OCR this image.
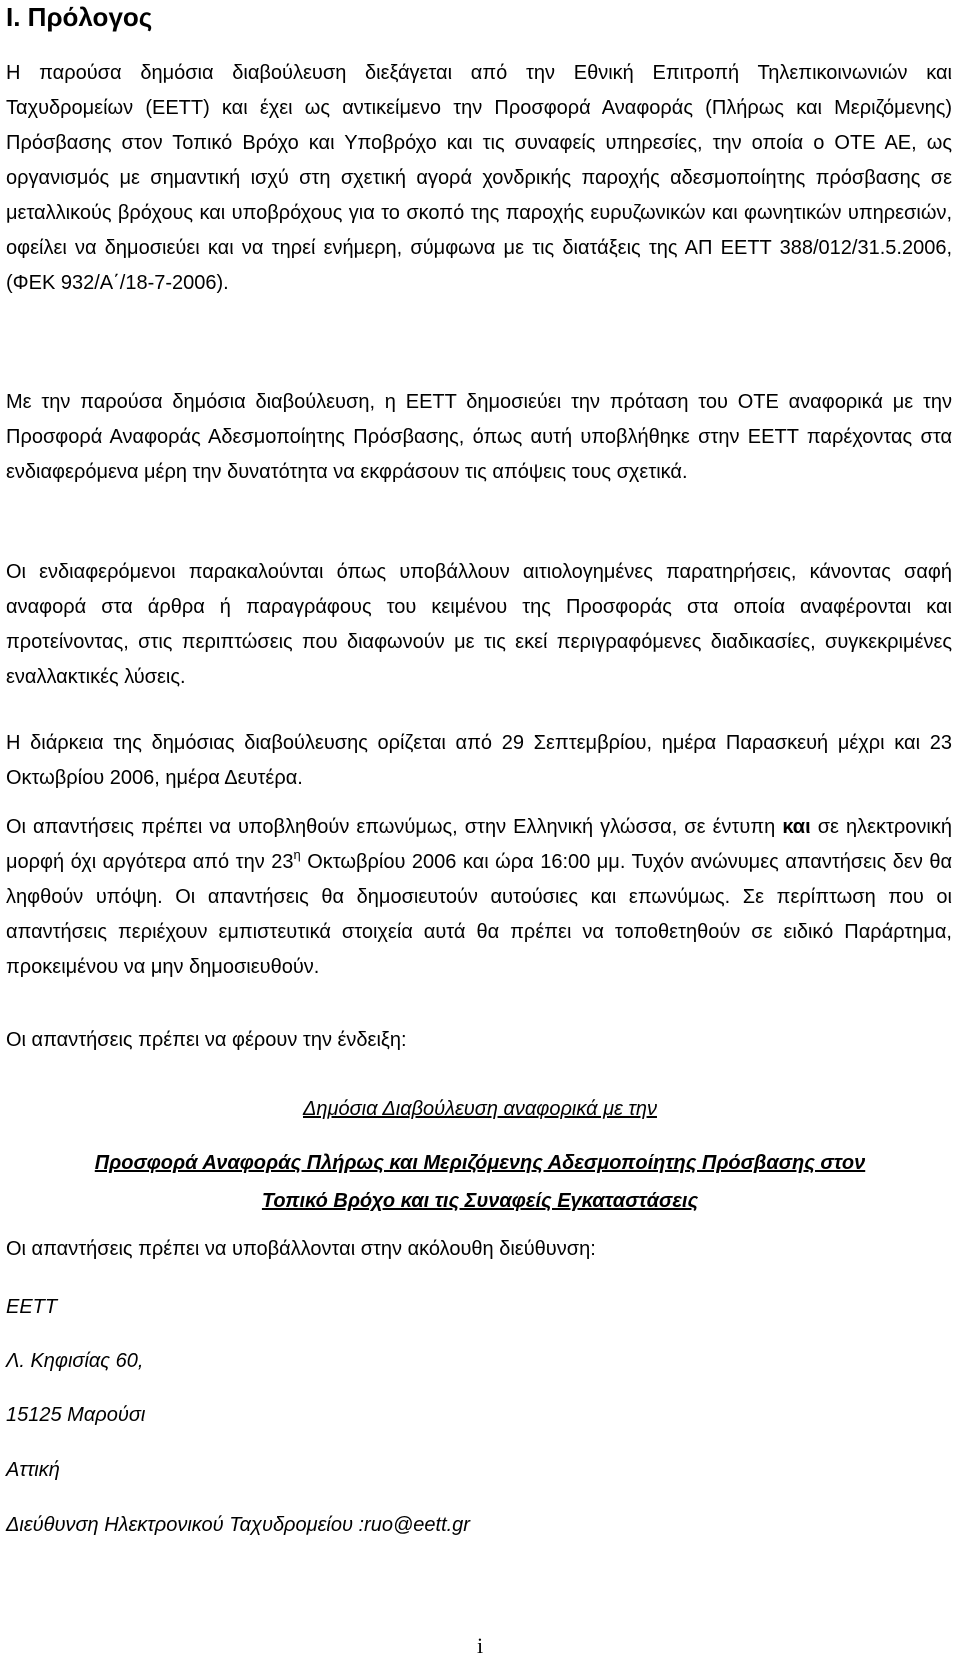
I. Πρόλογος

Η παρούσα δημόσια διαβούλευση διεξάγεται από την Εθνική Επιτροπή Τηλεπικοινωνιών και Ταχυδρομείων (ΕΕΤΤ) και έχει ως αντικείμενο την Προσφορά Αναφοράς (Πλήρως και Μεριζόμενης) Πρόσβασης στον Τοπικό Βρόχο και Υποβρόχο και τις συναφείς υπηρεσίες, την οποία ο ΟΤΕ ΑΕ, ως οργανισμός με σημαντική ισχύ στη σχετική αγορά χονδρικής παροχής αδεσμοποίητης πρόσβασης σε μεταλλικούς βρόχους και υποβρόχους για το σκοπό της παροχής ευρυζωνικών και φωνητικών υπηρεσιών, οφείλει να δημοσιεύει και να τηρεί ενήμερη, σύμφωνα με τις διατάξεις της ΑΠ ΕΕΤΤ 388/012/31.5.2006, (ΦΕΚ 932/Α΄/18-7-2006).

Με την παρούσα δημόσια διαβούλευση, η ΕΕΤΤ δημοσιεύει την πρόταση του ΟΤΕ αναφορικά με την Προσφορά Αναφοράς Αδεσμοποίητης Πρόσβασης, όπως αυτή υποβλήθηκε στην ΕΕΤΤ παρέχοντας στα ενδιαφερόμενα μέρη την δυνατότητα να εκφράσουν τις απόψεις τους σχετικά.

Οι ενδιαφερόμενοι παρακαλούνται όπως υποβάλλουν αιτιολογημένες παρατηρήσεις, κάνοντας σαφή αναφορά στα άρθρα ή παραγράφους του κειμένου της Προσφοράς στα οποία αναφέρονται και προτείνοντας, στις περιπτώσεις που διαφωνούν με τις εκεί περιγραφόμενες διαδικασίες, συγκεκριμένες εναλλακτικές λύσεις.

Η διάρκεια της δημόσιας διαβούλευσης ορίζεται από 29 Σεπτεμβρίου, ημέρα Παρασκευή μέχρι και 23 Οκτωβρίου 2006, ημέρα Δευτέρα.

Οι απαντήσεις πρέπει να υποβληθούν επωνύμως, στην Ελληνική γλώσσα, σε έντυπη και σε ηλεκτρονική μορφή όχι αργότερα από την $23^\eta$ Οκτωβρίου 2006 και ώρα 16:00 μμ. Τυχόν ανώνυμες απαντήσεις δεν θα ληφθούν υπόψη. Οι απαντήσεις θα δημοσιευτούν αυτούσιες και επωνύμως. Σε περίπτωση που οι απαντήσεις περιέχουν εμπιστευτικά στοιχεία αυτά θα πρέπει να τοποθετηθούν σε ειδικό Παράρτημα, προκειμένου να μην δημοσιευθούν.

Οι απαντήσεις πρέπει να φέρουν την ένδειξη:

Δημόσια Διαβούλευση αναφορικά με την

Προσφορά Αναφοράς Πλήρως και Μεριζόμενης Αδεσμοποίητης Πρόσβασης στον
Τοπικό Βρόχο και τις Συναφείς Εγκαταστάσεις

Οι απαντήσεις πρέπει να υποβάλλονται στην ακόλουθη διεύθυνση:

ΕΕΤΤ

Λ. Κηφισίας 60,

15125 Μαρούσι

Αττική

Διεύθυνση Ηλεκτρονικού Ταχυδρομείου :ruo@eett.gr

i
